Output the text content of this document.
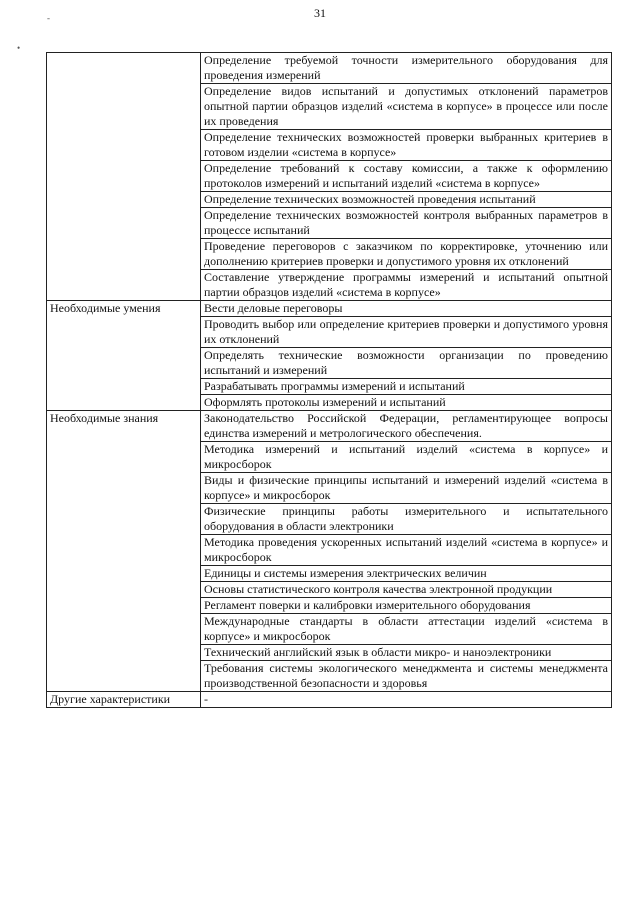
31
-
•
	Определение требуемой точности измерительного оборудования для проведения измерений
	Определение видов испытаний и допустимых отклонений параметров опытной партии образцов изделий «система в корпусе» в процессе или после их проведения
	Определение технических возможностей проверки выбранных критериев в готовом изделии «система в корпусе»
	Определение требований к составу комиссии, а также к оформлению протоколов измерений и испытаний изделий «система в корпусе»
	Определение технических возможностей проведения испытаний
	Определение технических возможностей контроля выбранных параметров в процессе испытаний
	Проведение переговоров с заказчиком по корректировке, уточнению или дополнению критериев проверки и допустимого уровня их отклонений
	Составление утверждение программы измерений и испытаний опытной партии образцов изделий «система в корпусе»
Необходимые умения	Вести деловые переговоры
	Проводить выбор или определение критериев проверки и допустимого уровня их отклонений
	Определять технические возможности организации по проведению испытаний и измерений
	Разрабатывать программы измерений и испытаний
	Оформлять протоколы измерений и испытаний
Необходимые знания	Законодательство Российской Федерации, регламентирующее вопросы единства измерений и метрологического обеспечения.
	Методика измерений и испытаний изделий «система в корпусе» и микросборок
	Виды и физические принципы испытаний и измерений изделий «система в корпусе» и микросборок
	Физические принципы работы измерительного и испытательного оборудования в области электроники
	Методика проведения ускоренных испытаний изделий «система в корпусе» и микросборок
	Единицы и системы измерения электрических величин
	Основы статистического контроля качества электронной продукции
	Регламент поверки и калибровки измерительного оборудования
	Международные стандарты в области аттестации изделий «система в корпусе» и микросборок
	Технический английский язык в области микро- и наноэлектроники
	Требования системы экологического менеджмента и системы менеджмента производственной безопасности и здоровья
Другие характеристики	-
